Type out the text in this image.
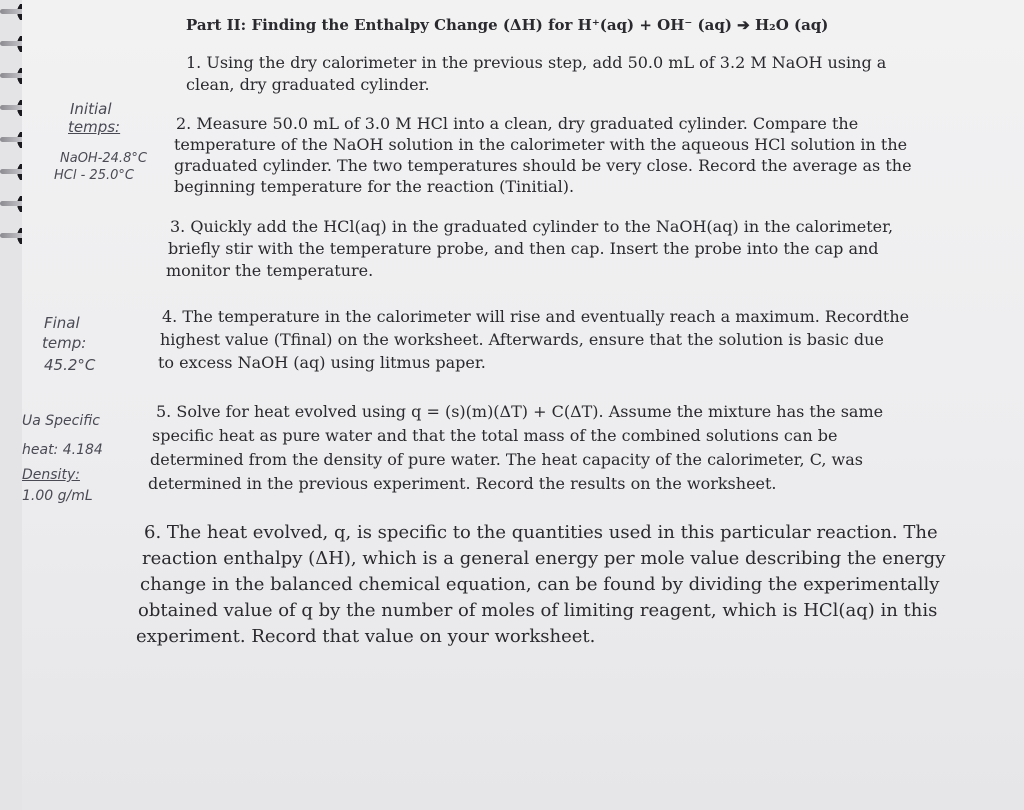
Part II: Finding the Enthalpy Change (ΔH) for H⁺(aq) + OH⁻ (aq) ➔ H₂O (aq)
1. Using the dry calorimeter in the previous step, add 50.0 mL of 3.2 M NaOH using a
clean, dry graduated cylinder.
2. Measure 50.0 mL of 3.0 M HCl into a clean, dry graduated cylinder. Compare the
temperature of the NaOH solution in the calorimeter with the aqueous HCl solution in the
graduated cylinder. The two temperatures should be very close. Record the average as the
beginning temperature for the reaction (Tinitial).
3. Quickly add the HCl(aq) in the graduated cylinder to the NaOH(aq) in the calorimeter,
briefly stir with the temperature probe, and then cap. Insert the probe into the cap and
monitor the temperature.
4. The temperature in the calorimeter will rise and eventually reach a maximum. Recordthe
highest value (Tfinal) on the worksheet. Afterwards, ensure that the solution is basic due
to excess NaOH (aq) using litmus paper.
5. Solve for heat evolved using q = (s)(m)(ΔT) + C(ΔT). Assume the mixture has the same
specific heat as pure water and that the total mass of the combined solutions can be
determined from the density of pure water. The heat capacity of the calorimeter, C, was
determined in the previous experiment. Record the results on the worksheet.
6. The heat evolved, q, is specific to the quantities used in this particular reaction. The
reaction enthalpy (ΔH), which is a general energy per mole value describing the energy
change in the balanced chemical equation, can be found by dividing the experimentally
obtained value of q by the number of moles of limiting reagent, which is HCl(aq) in this
experiment. Record that value on your worksheet.
Initial
temps:
NaOH-24.8°C
HCl - 25.0°C
Final
temp:
45.2°C
Ua Specific
heat: 4.184
Density:
1.00 g/mL
